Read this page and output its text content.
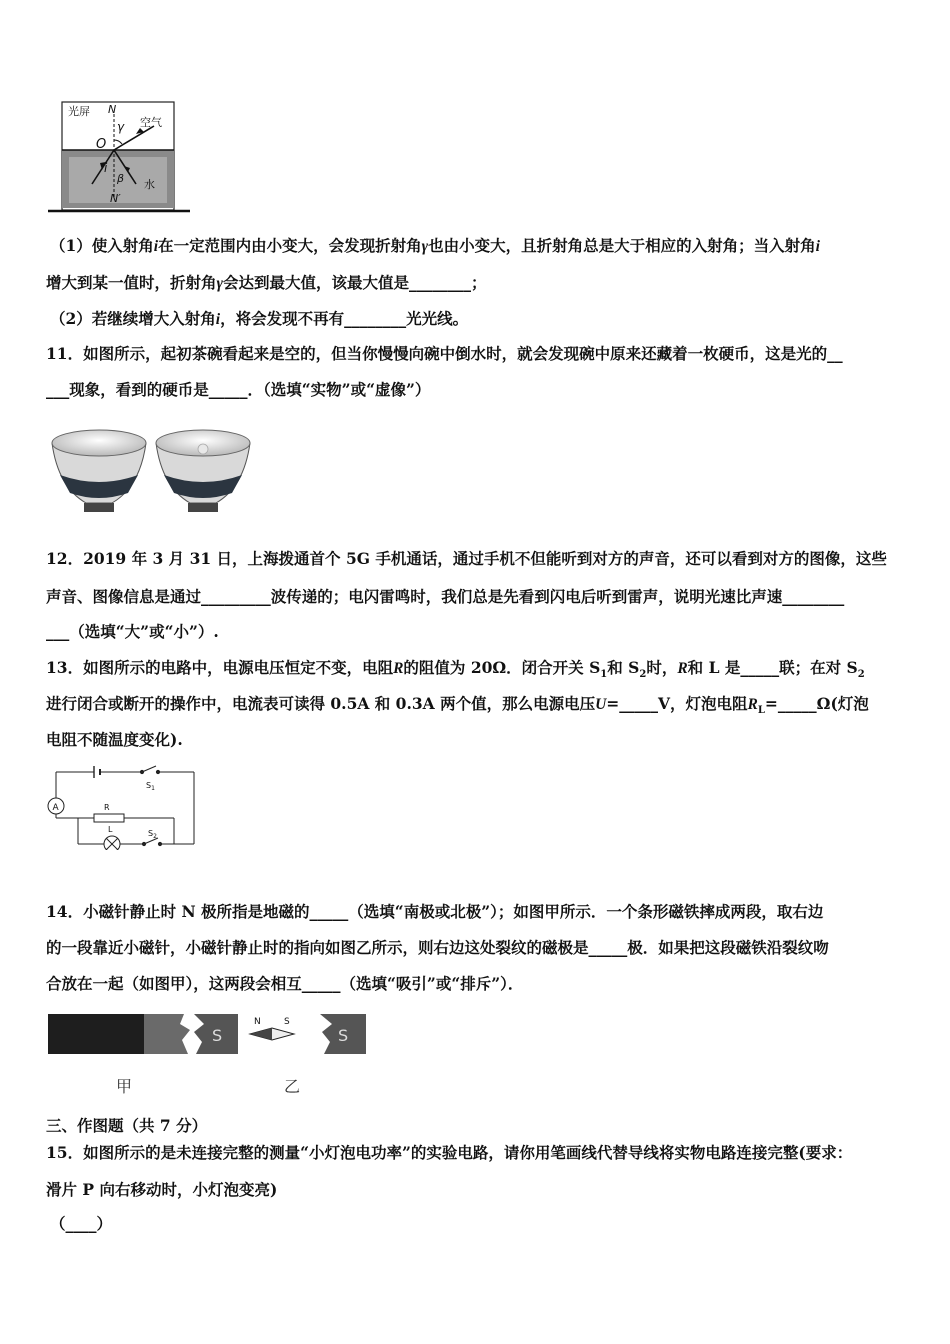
光屏 N
γ 空气
O
i
β 水
N′
（1）使入射角i在一定范围内由小变大，会发现折射角γ也由小变大，且折射角总是大于相应的入射角；当入射角i
增大到某一值时，折射角γ会达到最大值，该最大值是________；
（2）若继续增大入射角i，将会发现不再有________光光线。
11．如图所示，起初茶碗看起来是空的，但当你慢慢向碗中倒水时，就会发现碗中原来还藏着一枚硬币，这是光的__
___现象，看到的硬币是_____．（选填“实物”或“虚像”）
12．2019 年 3 月 31 日，上海拨通首个 5G 手机通话，通过手机不但能听到对方的声音，还可以看到对方的图像，这些
声音、图像信息是通过_________波传递的；电闪雷鸣时，我们总是先看到闪电后听到雷声，说明光速比声速________
___（选填“大”或“小”）.
13．如图所示的电路中，电源电压恒定不变，电阻R的阻值为 20Ω．闭合开关 $S_1$和 $S_2$时，R和 L 是_____联；在对 $S_2$
进行闭合或断开的操作中，电流表可读得 0.5A 和 0.3A 两个值，那么电源电压U=_____V，灯泡电阻$R_L=\_\_\_\_\_\Omega$(灯泡
电阻不随温度变化).
A	R
L
$S_1$
$S_2$
14．小磁针静止时 N 极所指是地磁的_____（选填“南极或北极”）；如图甲所示．一个条形磁铁摔成两段，取右边
的一段靠近小磁针，小磁针静止时的指向如图乙所示，则右边这处裂纹的磁极是_____极．如果把这段磁铁沿裂纹吻
合放在一起（如图甲），这两段会相互_____（选填“吸引”或“排斥”）．
S
N	S
S
甲	乙
三、作图题（共 7 分）
15．如图所示的是未连接完整的测量“小灯泡电功率”的实验电路，请你用笔画线代替导线将实物电路连接完整(要求：
滑片 P 向右移动时，小灯泡变亮)
（____）
